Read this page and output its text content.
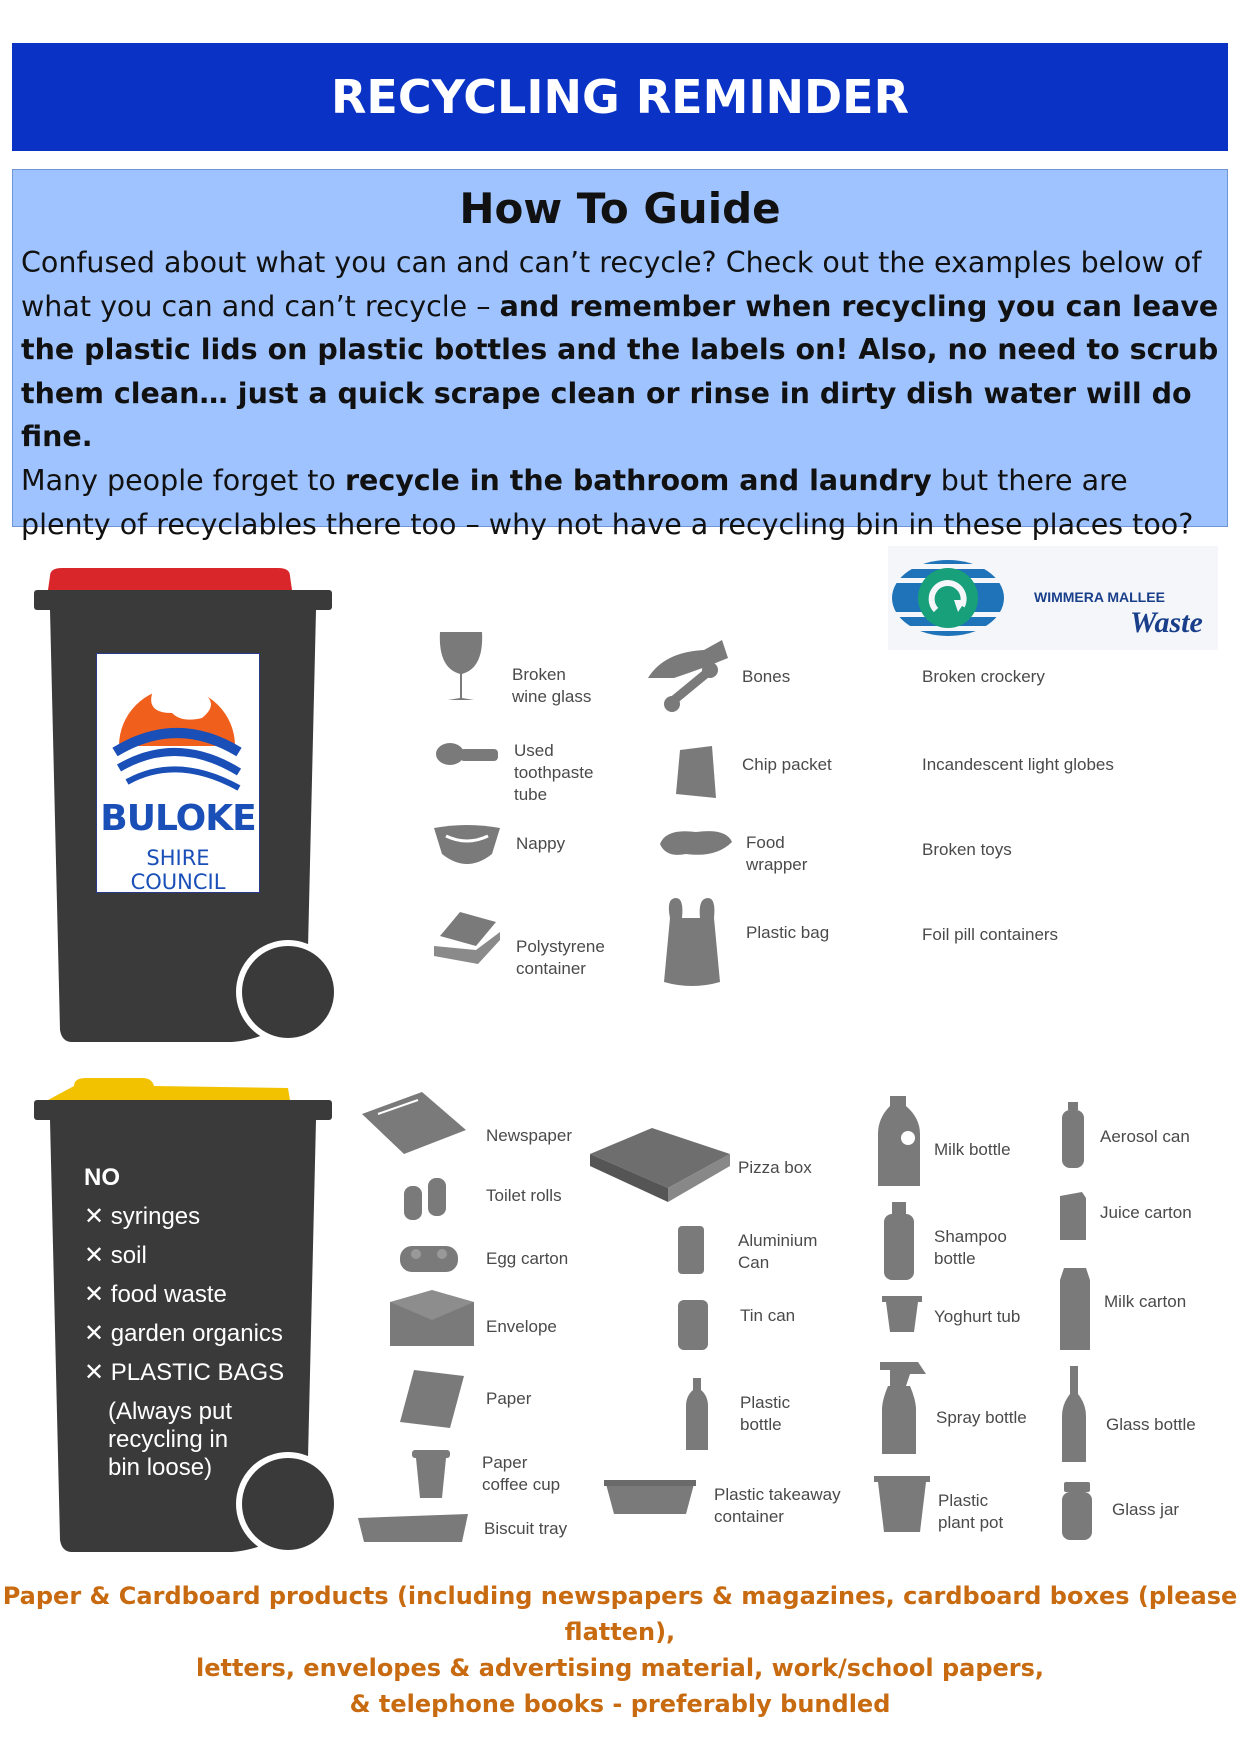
RECYCLING REMINDER
How To Guide
Confused about what you can and can’t recycle? Check out the examples below of what you can and can’t recycle – and remember when recycling you can leave the plastic lids on plastic bottles and the labels on! Also, no need to scrub them clean… just a quick scrape clean or rinse in dirty dish water will do fine.
Many people forget to recycle in the bathroom and laundry but there are plenty of recyclables there too – why not have a recycling bin in these places too?
WIMMERA MALLEE
Waste
BULOKE
SHIRE COUNCIL
Broken
wine glass
Used
toothpaste
tube
Nappy
Polystyrene
container
Bones
Chip packet
Food
wrapper
Plastic bag
Broken crockery
Incandescent light globes
Broken toys
Foil pill containers
NO
✕ syringes
✕ soil
✕ food waste
✕ garden organics
✕ PLASTIC BAGS
(Always put
recycling in
bin loose)
Newspaper
Toilet rolls
Egg carton
Envelope
Paper
Paper
coffee cup
Biscuit tray
Pizza box
Aluminium
Can
Tin can
Plastic
bottle
Plastic takeaway
container
Milk bottle
Shampoo
bottle
Yoghurt tub
Spray bottle
Plastic
plant pot
Aerosol can
Juice carton
Milk carton
Glass bottle
Glass jar
Paper & Cardboard products (including newspapers & magazines, cardboard boxes (please flatten),
letters, envelopes & advertising material, work/school papers,
& telephone books - preferably bundled
